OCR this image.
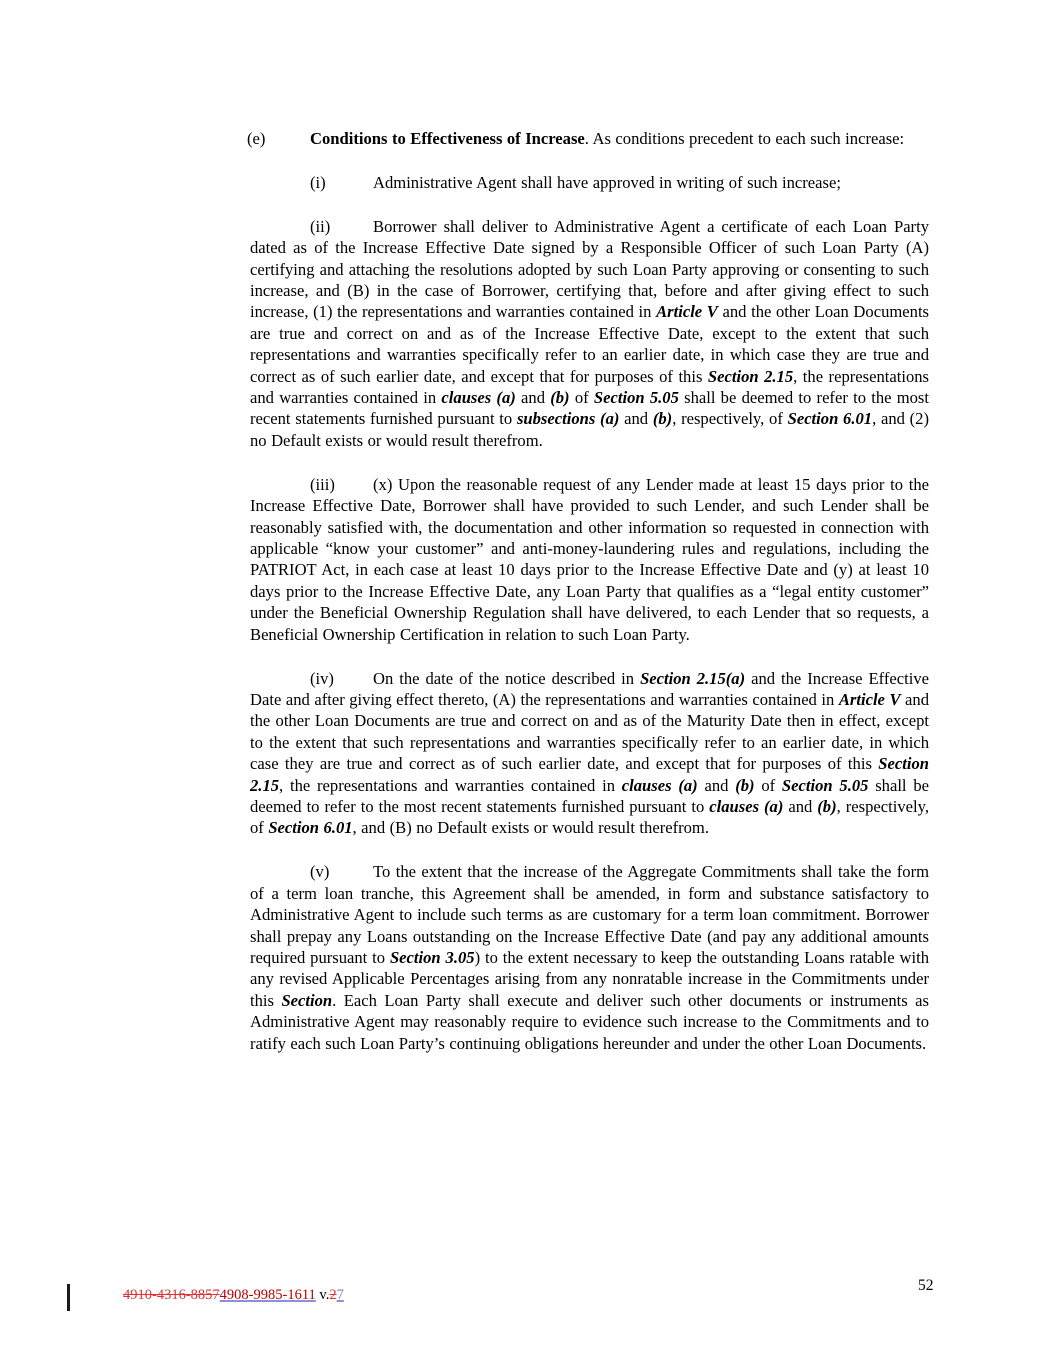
(e)	Conditions to Effectiveness of Increase. As conditions precedent to each such increase:

(i)	Administrative Agent shall have approved in writing of such increase;

(ii)	Borrower shall deliver to Administrative Agent a certificate of each Loan Party dated as of the Increase Effective Date signed by a Responsible Officer of such Loan Party (A) certifying and attaching the resolutions adopted by such Loan Party approving or consenting to such increase, and (B) in the case of Borrower, certifying that, before and after giving effect to such increase, (1) the representations and warranties contained in Article V and the other Loan Documents are true and correct on and as of the Increase Effective Date, except to the extent that such representations and warranties specifically refer to an earlier date, in which case they are true and correct as of such earlier date, and except that for purposes of this Section 2.15, the representations and warranties contained in clauses (a) and (b) of Section 5.05 shall be deemed to refer to the most recent statements furnished pursuant to subsections (a) and (b), respectively, of Section 6.01, and (2) no Default exists or would result therefrom.

(iii) (x) Upon the reasonable request of any Lender made at least 15 days prior to the Increase Effective Date, Borrower shall have provided to such Lender, and such Lender shall be reasonably satisfied with, the documentation and other information so requested in connection with applicable “know your customer” and anti-money-laundering rules and regulations, including the PATRIOT Act, in each case at least 10 days prior to the Increase Effective Date and (y) at least 10 days prior to the Increase Effective Date, any Loan Party that qualifies as a “legal entity customer” under the Beneficial Ownership Regulation shall have delivered, to each Lender that so requests, a Beneficial Ownership Certification in relation to such Loan Party.

(iv) On the date of the notice described in Section 2.15(a) and the Increase Effective Date and after giving effect thereto, (A) the representations and warranties contained in Article V and the other Loan Documents are true and correct on and as of the Maturity Date then in effect, except to the extent that such representations and warranties specifically refer to an earlier date, in which case they are true and correct as of such earlier date, and except that for purposes of this Section 2.15, the representations and warranties contained in clauses (a) and (b) of Section 5.05 shall be deemed to refer to the most recent statements furnished pursuant to clauses (a) and (b), respectively, of Section 6.01, and (B) no Default exists or would result therefrom.

(v)	To the extent that the increase of the Aggregate Commitments shall take the form of a term loan tranche, this Agreement shall be amended, in form and substance satisfactory to Administrative Agent to include such terms as are customary for a term loan commitment. Borrower shall prepay any Loans outstanding on the Increase Effective Date (and pay any additional amounts required pursuant to Section 3.05) to the extent necessary to keep the outstanding Loans ratable with any revised Applicable Percentages arising from any nonratable increase in the Commitments under this Section. Each Loan Party shall execute and deliver such other documents or instruments as Administrative Agent may reasonably require to evidence such increase to the Commitments and to ratify each such Loan Party’s continuing obligations hereunder and under the other Loan Documents.

4910-4316-88574908-9985-1611 v.27
52
